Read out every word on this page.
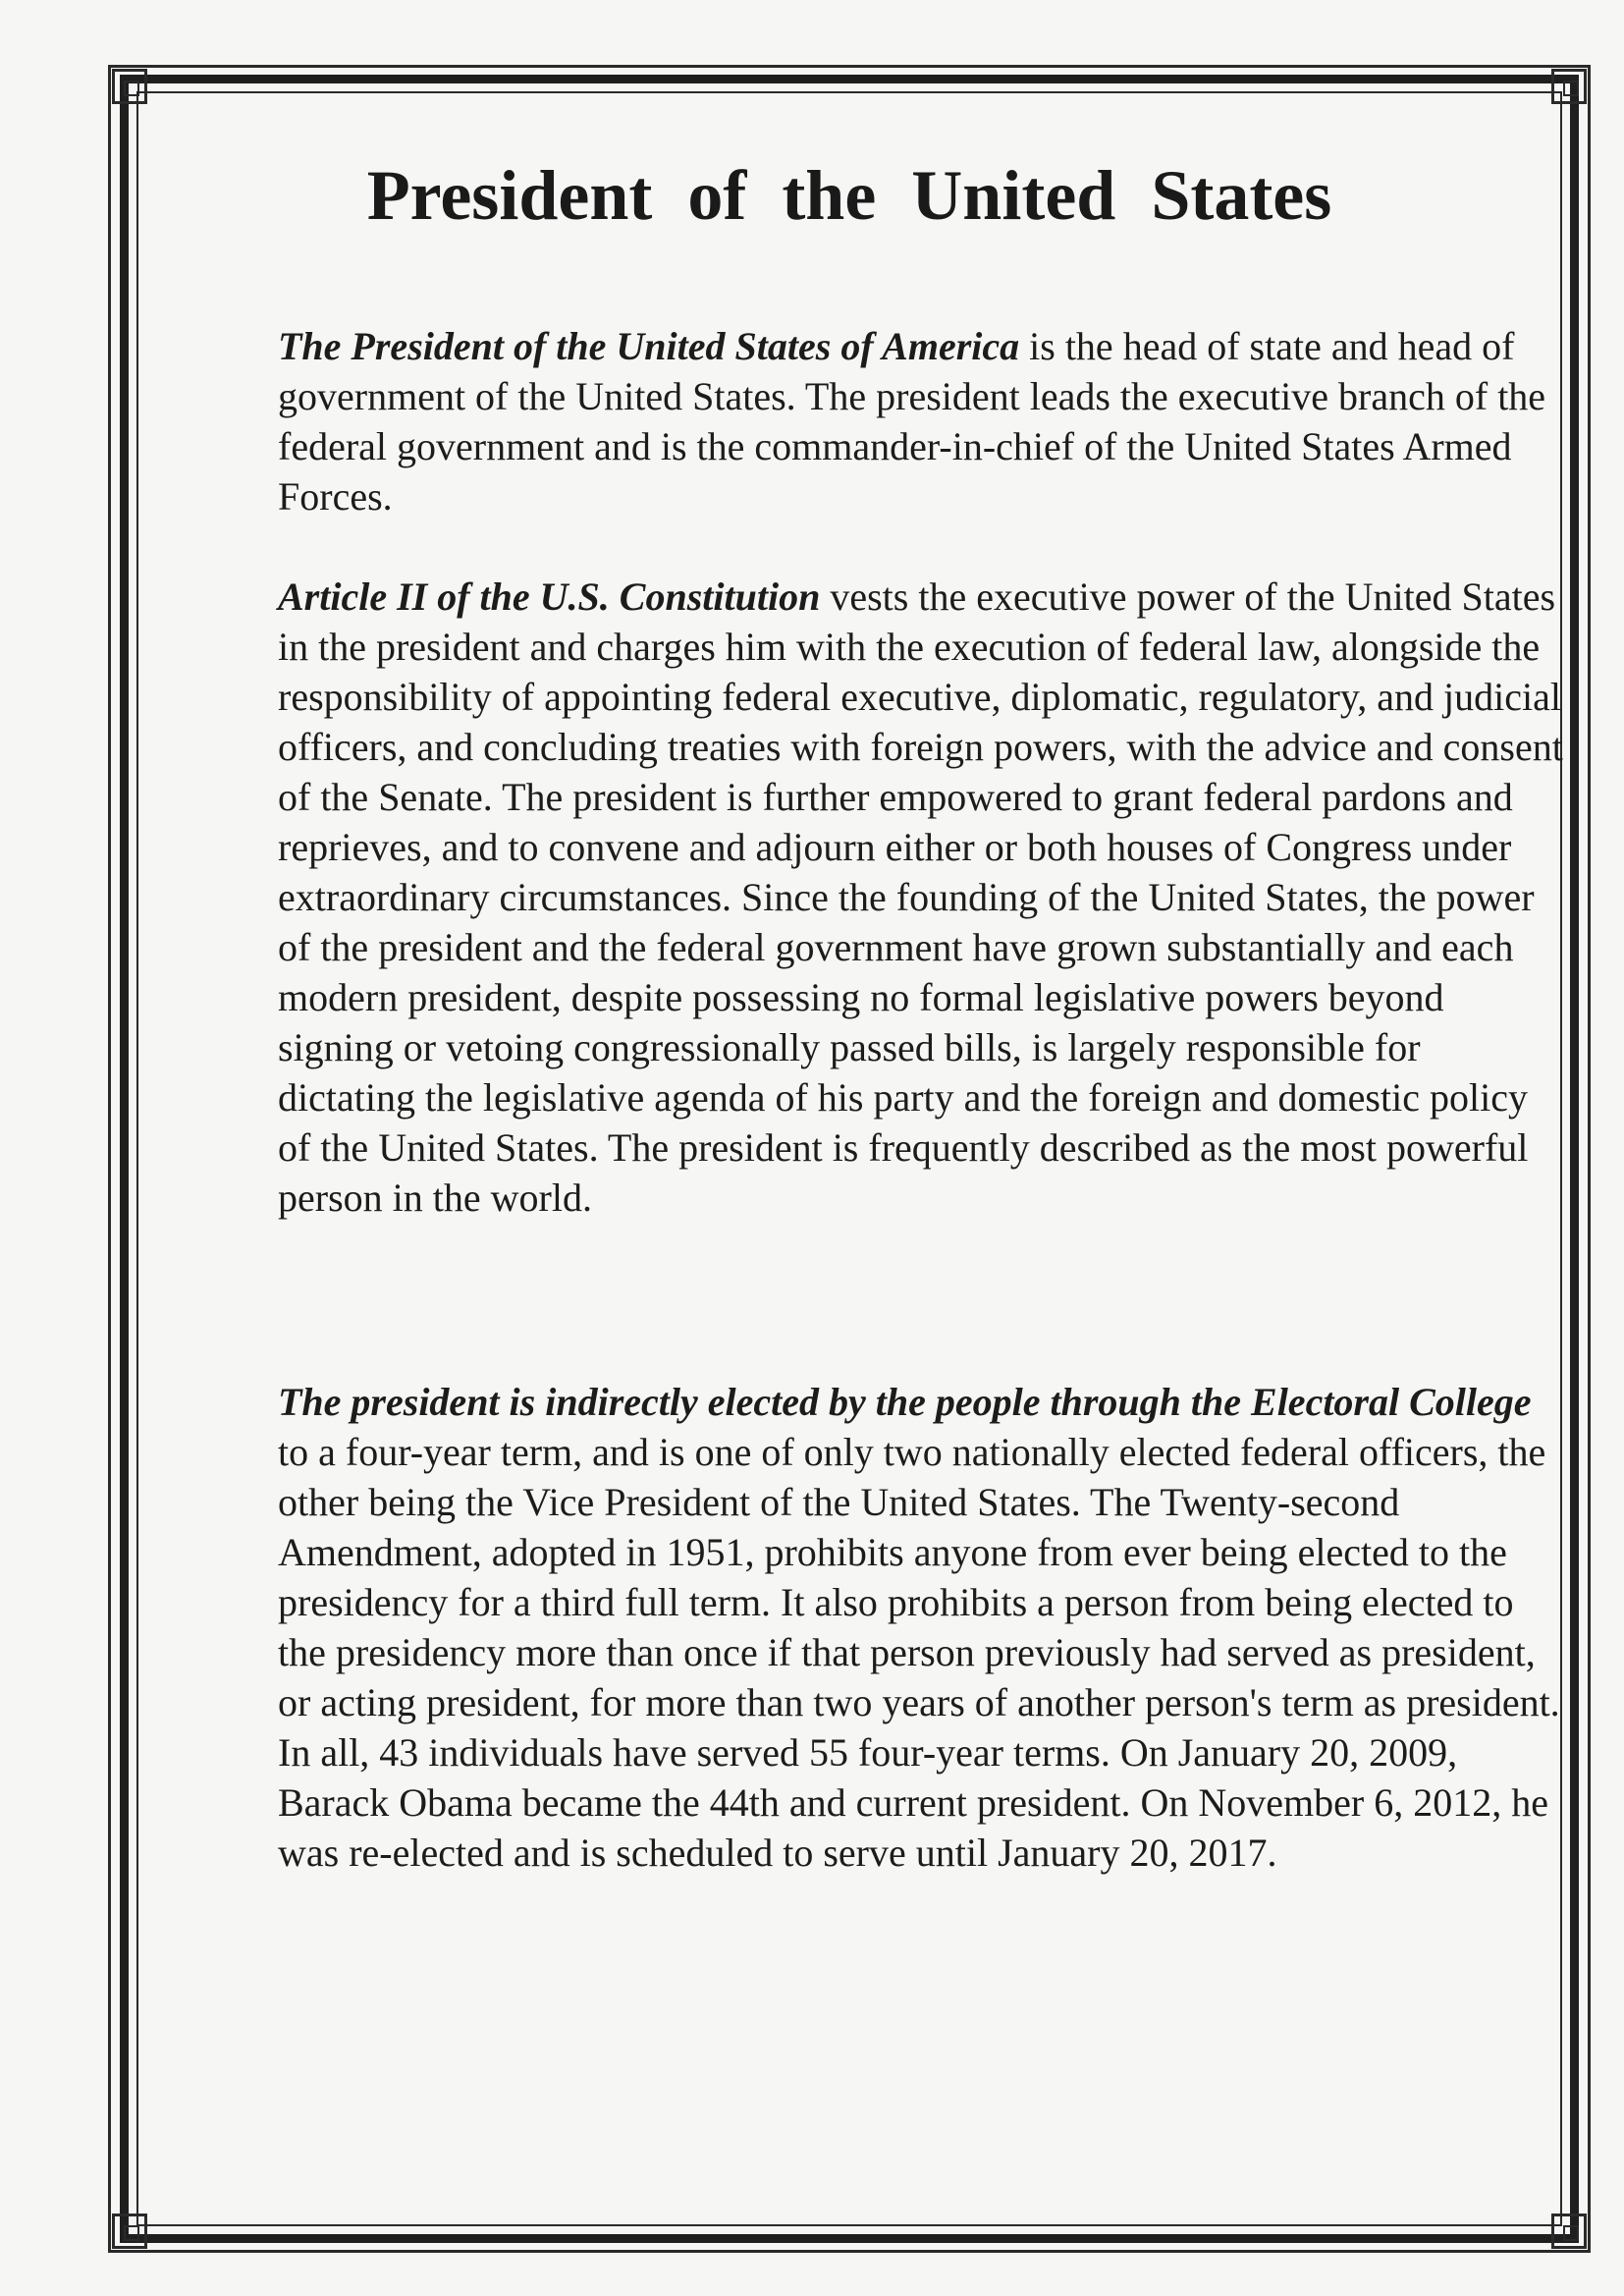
President of the United States

The President of the United States of America is the head of state and head of government of the United States. The president leads the executive branch of the federal government and is the commander-in-chief of the United States Armed Forces.

Article II of the U.S. Constitution vests the executive power of the United States in the president and charges him with the execution of federal law, alongside the responsibility of appointing federal executive, diplomatic, regulatory, and judicial officers, and concluding treaties with foreign powers, with the advice and consent of the Senate. The president is further empowered to grant federal pardons and reprieves, and to convene and adjourn either or both houses of Congress under extraordinary circumstances. Since the founding of the United States, the power of the president and the federal government have grown substantially and each modern president, despite possessing no formal legislative powers beyond signing or vetoing congressionally passed bills, is largely responsible for dictating the legislative agenda of his party and the foreign and domestic policy of the United States. The president is frequently described as the most powerful person in the world.

The president is indirectly elected by the people through the Electoral College to a four-year term, and is one of only two nationally elected federal officers, the other being the Vice President of the United States. The Twenty-second Amendment, adopted in 1951, prohibits anyone from ever being elected to the presidency for a third full term. It also prohibits a person from being elected to the presidency more than once if that person previously had served as president, or acting president, for more than two years of another person's term as president. In all, 43 individuals have served 55 four-year terms. On January 20, 2009, Barack Obama became the 44th and current president. On November 6, 2012, he was re-elected and is scheduled to serve until January 20, 2017.
